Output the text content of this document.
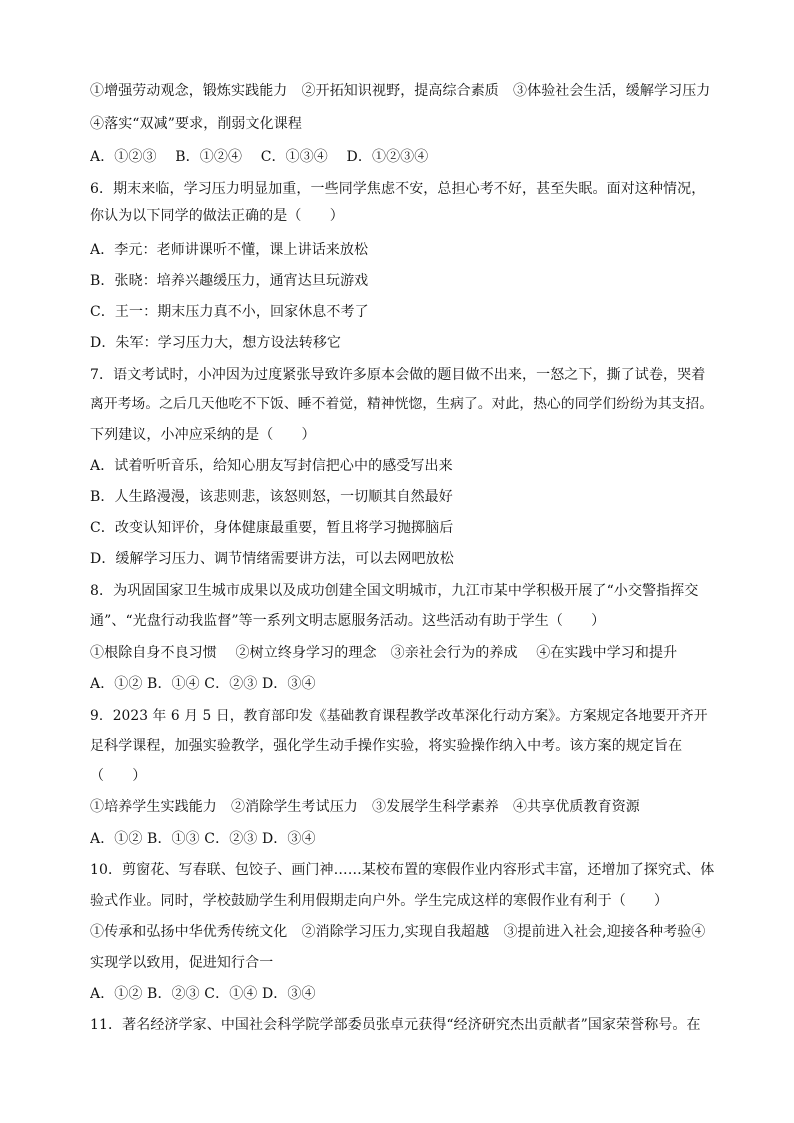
①增强劳动观念，锻炼实践能力　②开拓知识视野，提高综合素质　③体验社会生活，缓解学习压力
④落实“双减”要求，削弱文化课程
A．①②③　 B．①②④　 C．①③④　 D．①②③④
6．期末来临，学习压力明显加重，一些同学焦虑不安，总担心考不好，甚至失眠。面对这种情况，
你认为以下同学的做法正确的是（　　）
A．李元：老师讲课听不懂，课上讲话来放松
B．张晓：培养兴趣缓压力，通宵达旦玩游戏
C．王一：期末压力真不小，回家休息不考了
D．朱军：学习压力大，想方设法转移它
7．语文考试时，小冲因为过度紧张导致许多原本会做的题目做不出来，一怒之下，撕了试卷，哭着
离开考场。之后几天他吃不下饭、睡不着觉，精神恍惚，生病了。对此，热心的同学们纷纷为其支招。
下列建议，小冲应采纳的是（　　）
A．试着听听音乐，给知心朋友写封信把心中的感受写出来
B．人生路漫漫，该悲则悲，该怒则怒，一切顺其自然最好
C．改变认知评价，身体健康最重要，暂且将学习抛掷脑后
D．缓解学习压力、调节情绪需要讲方法，可以去网吧放松
8．为巩固国家卫生城市成果以及成功创建全国文明城市，九江市某中学积极开展了“小交警指挥交
通”、“光盘行动我监督”等一系列文明志愿服务活动。这些活动有助于学生（　　）
①根除自身不良习惯　 ②树立终身学习的理念　③亲社会行为的养成　 ④在实践中学习和提升
A．①② B．①④ C．②③ D．③④
9．2023 年 6 月 5 日，教育部印发《基础教育课程教学改革深化行动方案》。方案规定各地要开齐开
足科学课程，加强实验教学，强化学生动手操作实验，将实验操作纳入中考。该方案的规定旨在
（　　）
①培养学生实践能力　②消除学生考试压力　③发展学生科学素养　④共享优质教育资源
A．①② B．①③ C．②③ D．③④
10．剪窗花、写春联、包饺子、画门神……某校布置的寒假作业内容形式丰富，还增加了探究式、体
验式作业。同时，学校鼓励学生利用假期走向户外。学生完成这样的寒假作业有利于（　　）
①传承和弘扬中华优秀传统文化　②消除学习压力,实现自我超越　③提前进入社会,迎接各种考验④
实现学以致用，促进知行合一
A．①② B．②③ C．①④ D．③④
11．著名经济学家、中国社会科学院学部委员张卓元获得“经济研究杰出贡献者”国家荣誉称号。在
